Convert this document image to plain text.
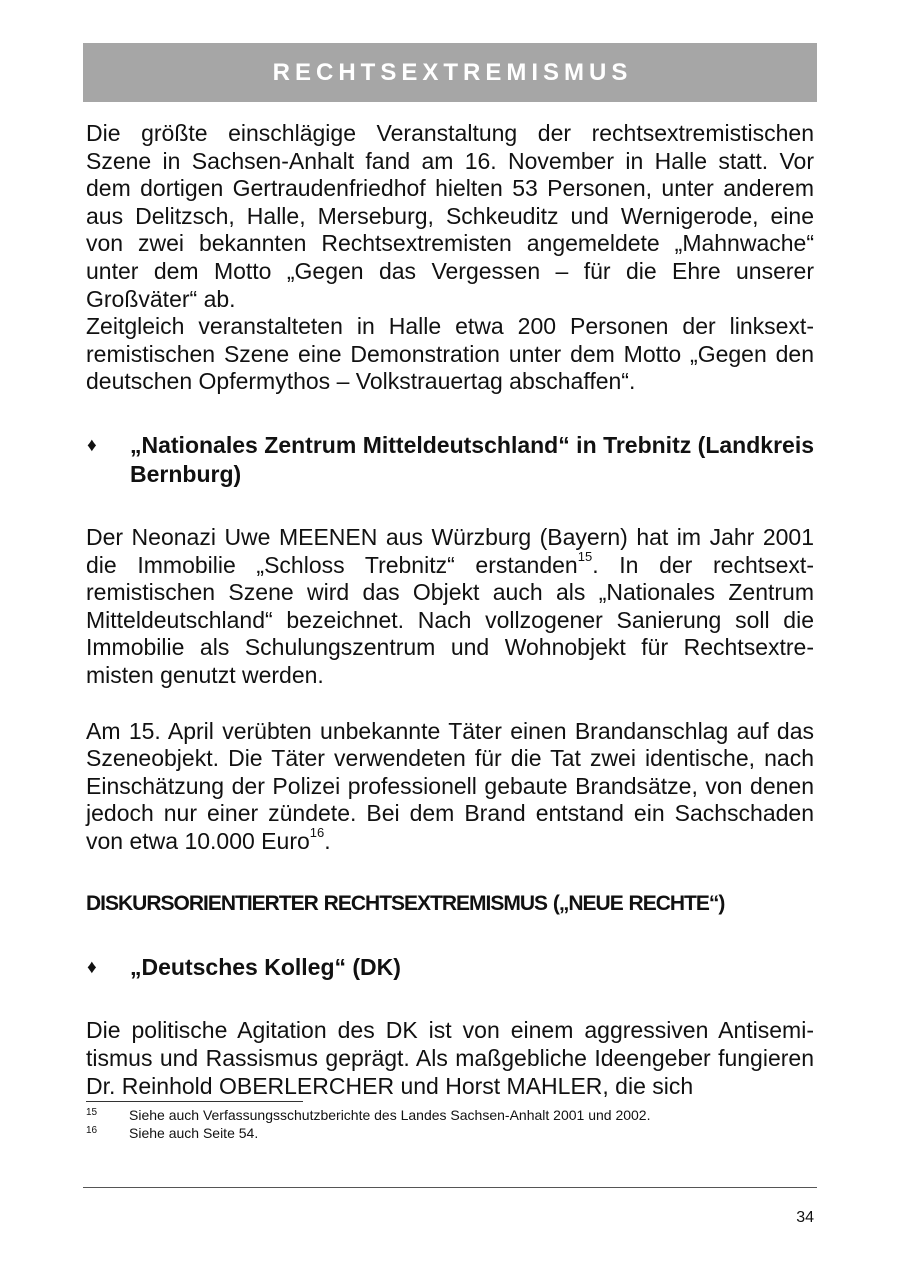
RECHTSEXTREMISMUS

Die größte einschlägige Veranstaltung der rechtsextremistischen Szene in Sachsen-Anhalt fand am 16. November in Halle statt. Vor dem dortigen Gertraudenfriedhof hielten 53 Personen, unter anderem aus Delitzsch, Halle, Merseburg, Schkeuditz und Wernigerode, eine von zwei bekannten Rechtsextremisten angemeldete „Mahnwache“ unter dem Motto „Gegen das Vergessen – für die Ehre unserer Großväter“ ab.

Zeitgleich veranstalteten in Halle etwa 200 Personen der linksextremistischen Szene eine Demonstration unter dem Motto „Gegen den deutschen Opfermythos – Volkstrauertag abschaffen“.

♦	„Nationales Zentrum Mitteldeutschland“ in Trebnitz (Landkreis Bernburg)

Der Neonazi Uwe MEENEN aus Würzburg (Bayern) hat im Jahr 2001 die Immobilie „Schloss Trebnitz“ erstanden$^{15}$. In der rechtsextremistischen Szene wird das Objekt auch als „Nationales Zentrum Mitteldeutschland“ bezeichnet. Nach vollzogener Sanierung soll die Immobilie als Schulungszentrum und Wohnobjekt für Rechtsextremisten genutzt werden.

Am 15. April verübten unbekannte Täter einen Brandanschlag auf das Szeneobjekt. Die Täter verwendeten für die Tat zwei identische, nach Einschätzung der Polizei professionell gebaute Brandsätze, von denen jedoch nur einer zündete. Bei dem Brand entstand ein Sachschaden von etwa 10.000 Euro$^{16}$.

DISKURSORIENTIERTER RECHTSEXTREMISMUS („NEUE RECHTE“)
♦	„Deutsches Kolleg“ (DK)

Die politische Agitation des DK ist von einem aggressiven Antisemitismus und Rassismus geprägt. Als maßgebliche Ideengeber fungieren Dr. Reinhold OBERLERCHER und Horst MAHLER, die sich

15	Siehe auch Verfassungsschutzberichte des Landes Sachsen-Anhalt 2001 und 2002.
16	Siehe auch Seite 54.
34
